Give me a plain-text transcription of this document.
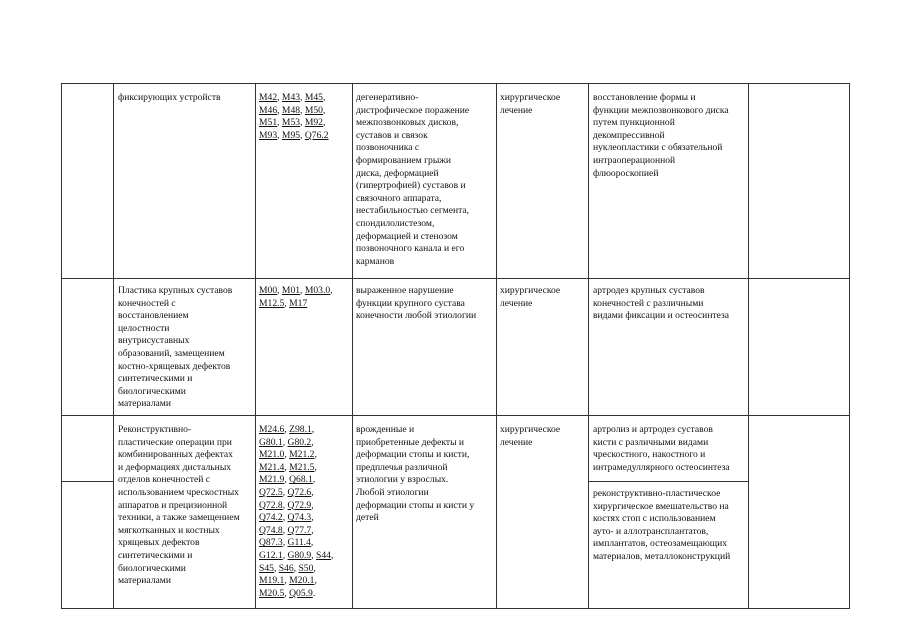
фиксирующих устройств	M42, M43, M45,
M46, M48, M50,
M51, M53, M92,
M93, M95, Q76.2
дегенеративно-
дистрофическое поражение
межпозвонковых дисков,
суставов и связок
позвоночника с
формированием грыжи
диска, деформацией
(гипертрофией) суставов и
связочного аппарата,
нестабильностью сегмента,
спондилолистезом,
деформацией и стенозом
позвоночного канала и его
карманов
хирургическое
лечение
восстановление формы и
функции межпозвонкового диска
путем пункционной
декомпрессивной
нуклеопластики с обязательной
интраоперационной
флюороскопией
Пластика крупных суставов
конечностей с
восстановлением
целостности
внутрисуставных
образований, замещением
костно-хрящевых дефектов
синтетическими и
биологическими
материалами
M00, M01, M03.0,
M12.5, M17
выраженное нарушение
функции крупного сустава
конечности любой этиологии
хирургическое
лечение
артродез крупных суставов
конечностей с различными
видами фиксации и остеосинтеза
Реконструктивно-
пластические операции при
комбинированных дефектах
и деформациях дистальных
отделов конечностей с
использованием чрескостных
аппаратов и прецизионной
техники, а также замещением
мягкотканных и костных
хрящевых дефектов
синтетическими и
биологическими
материалами
M24.6, Z98.1,
G80.1, G80.2,
M21.0, M21.2,
M21.4, M21.5,
M21.9, Q68.1,
Q72.5, Q72.6,
Q72.8, Q72.9,
Q74.2, Q74.3,
Q74.8, Q77.7,
Q87.3, G11.4,
G12.1, G80.9, S44,
S45, S46, S50,
M19.1, M20.1,
M20.5, Q05.9.
врожденные и
приобретенные дефекты и
деформации стопы и кисти,
предплечья различной
этиологии у взрослых.
Любой этиологии
деформации стопы и кисти у
детей
хирургическое
лечение
артролиз и артродез суставов
кисти с различными видами
чрескостного, накостного и
интрамедуллярного остеосинтеза
реконструктивно-пластическое
хирургическое вмешательство на
костях стоп с использованием
ауто- и аллотрансплантатов,
имплантатов, остеозамещающих
материалов, металлоконструкций
